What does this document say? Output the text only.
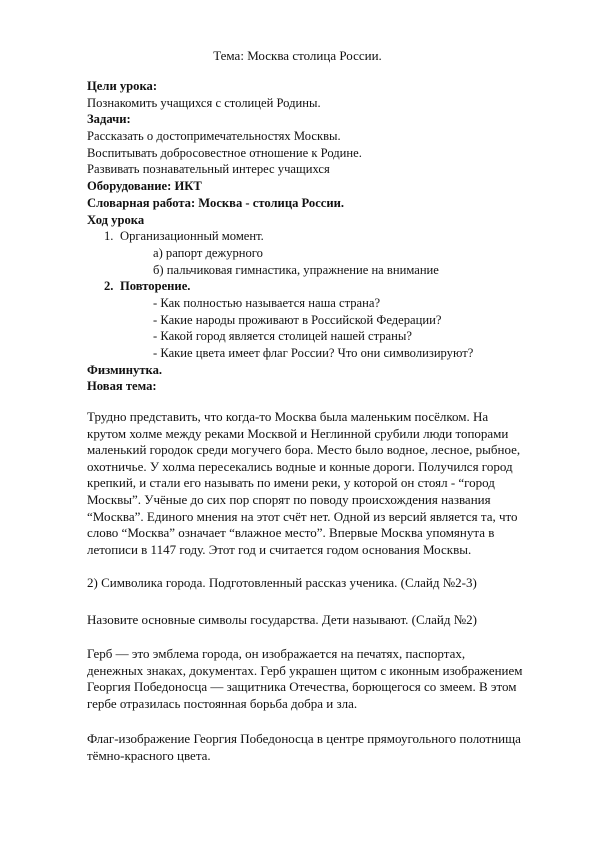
Тема: Москва столица России.
Цели урока:
Познакомить учащихся с столицей Родины.
Задачи:
Рассказать о достопримечательностях Москвы.
Воспитывать добросовестное отношение к Родине.
Развивать познавательный интерес учащихся
Оборудование: ИКТ
Словарная работа: Москва - столица России.
Ход урока
1. Организационный момент.
а) рапорт дежурного
б) пальчиковая гимнастика, упражнение на внимание
2. Повторение.
- Как полностью называется наша страна?
- Какие народы проживают в Российской Федерации?
- Какой город является столицей нашей страны?
- Какие цвета имеет флаг России? Что они символизируют?
Физминутка.
Новая тема:
Трудно представить, что когда-то Москва была маленьким посёлком. На
крутом холме между реками Москвой и Неглинной срубили люди топорами
маленький городок среди могучего бора. Место было водное, лесное, рыбное,
охотничье. У холма пересекались водные и конные дороги. Получился город
крепкий, и стали его называть по имени реки, у которой он стоял - “город
Москвы”. Учёные до сих пор спорят по поводу происхождения названия
“Москва”. Единого мнения на этот счёт нет. Одной из версий является та, что
слово “Москва” означает “влажное место”. Впервые Москва упомянута в
летописи в 1147 году. Этот год и считается годом основания Москвы.
2) Символика города. Подготовленный рассказ ученика. (Слайд №2-3)
Назовите основные символы государства. Дети называют. (Слайд №2)
Герб — это эмблема города, он изображается на печатях, паспортах,
денежных знаках, документах. Герб украшен щитом с иконным изображением
Георгия Победоносца — защитника Отечества, борющегося со змеем. В этом
гербе отразилась постоянная борьба добра и зла.
Флаг-изображение Георгия Победоносца в центре прямоугольного полотнища
тёмно-красного цвета.
